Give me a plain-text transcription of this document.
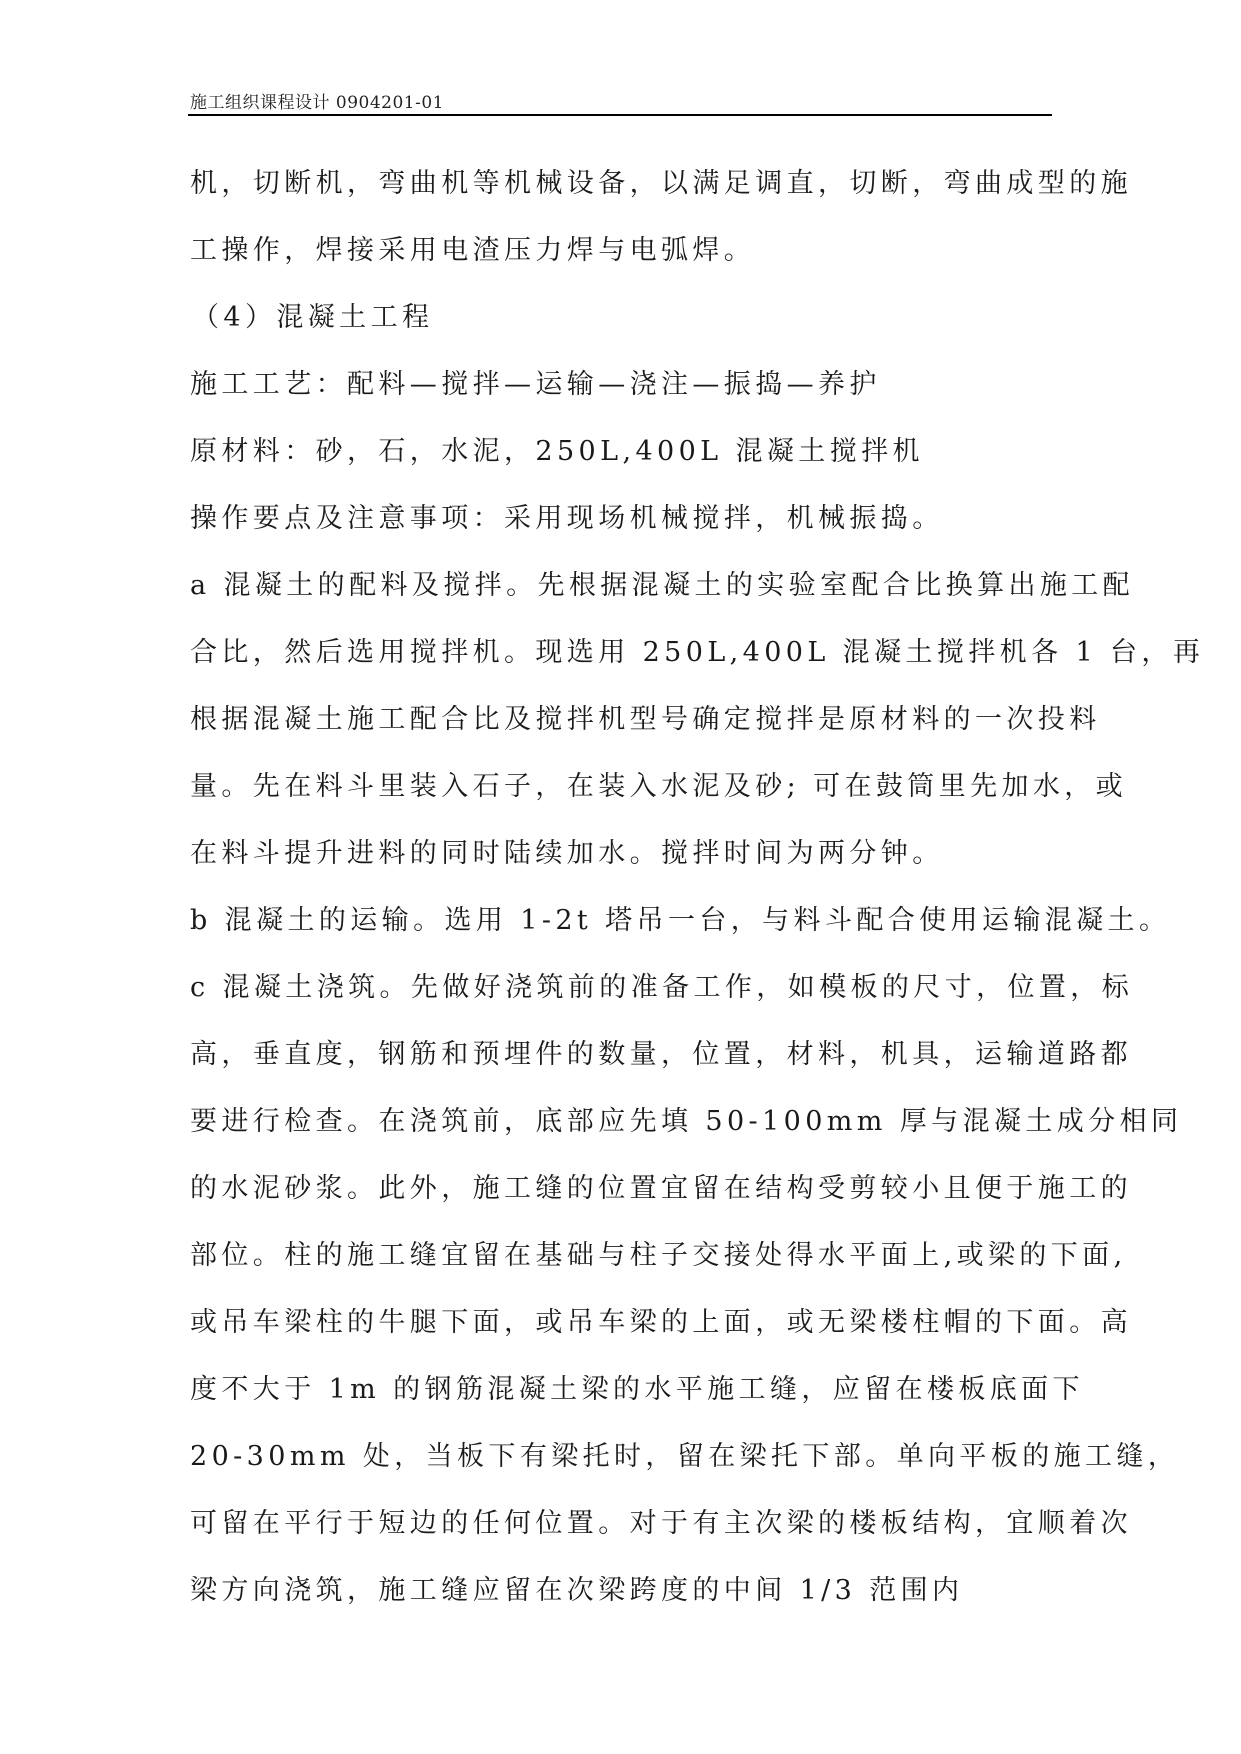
施工组织课程设计 0904201-01
机，切断机，弯曲机等机械设备，以满足调直，切断，弯曲成型的施
工操作，焊接采用电渣压力焊与电弧焊。
（4）混凝土工程
施工工艺：配料—搅拌—运输—浇注—振捣—养护
原材料：砂，石，水泥，250L,400L 混凝土搅拌机
操作要点及注意事项：采用现场机械搅拌，机械振捣。
a 混凝土的配料及搅拌。先根据混凝土的实验室配合比换算出施工配
合比，然后选用搅拌机。现选用 250L,400L 混凝土搅拌机各 1 台，再
根据混凝土施工配合比及搅拌机型号确定搅拌是原材料的一次投料
量。先在料斗里装入石子，在装入水泥及砂; 可在鼓筒里先加水，或
在料斗提升进料的同时陆续加水。搅拌时间为两分钟。
b 混凝土的运输。选用 1-2t 塔吊一台，与料斗配合使用运输混凝土。
c 混凝土浇筑。先做好浇筑前的准备工作，如模板的尺寸，位置，标
高，垂直度，钢筋和预埋件的数量，位置，材料，机具，运输道路都
要进行检查。在浇筑前，底部应先填 50-100mm 厚与混凝土成分相同
的水泥砂浆。此外，施工缝的位置宜留在结构受剪较小且便于施工的
部位。柱的施工缝宜留在基础与柱子交接处得水平面上,或梁的下面,
或吊车梁柱的牛腿下面，或吊车梁的上面，或无梁楼柱帽的下面。高
度不大于 1m 的钢筋混凝土梁的水平施工缝，应留在楼板底面下
20-30mm 处，当板下有梁托时，留在梁托下部。单向平板的施工缝，
可留在平行于短边的任何位置。对于有主次梁的楼板结构，宜顺着次
梁方向浇筑，施工缝应留在次梁跨度的中间 1/3 范围内
